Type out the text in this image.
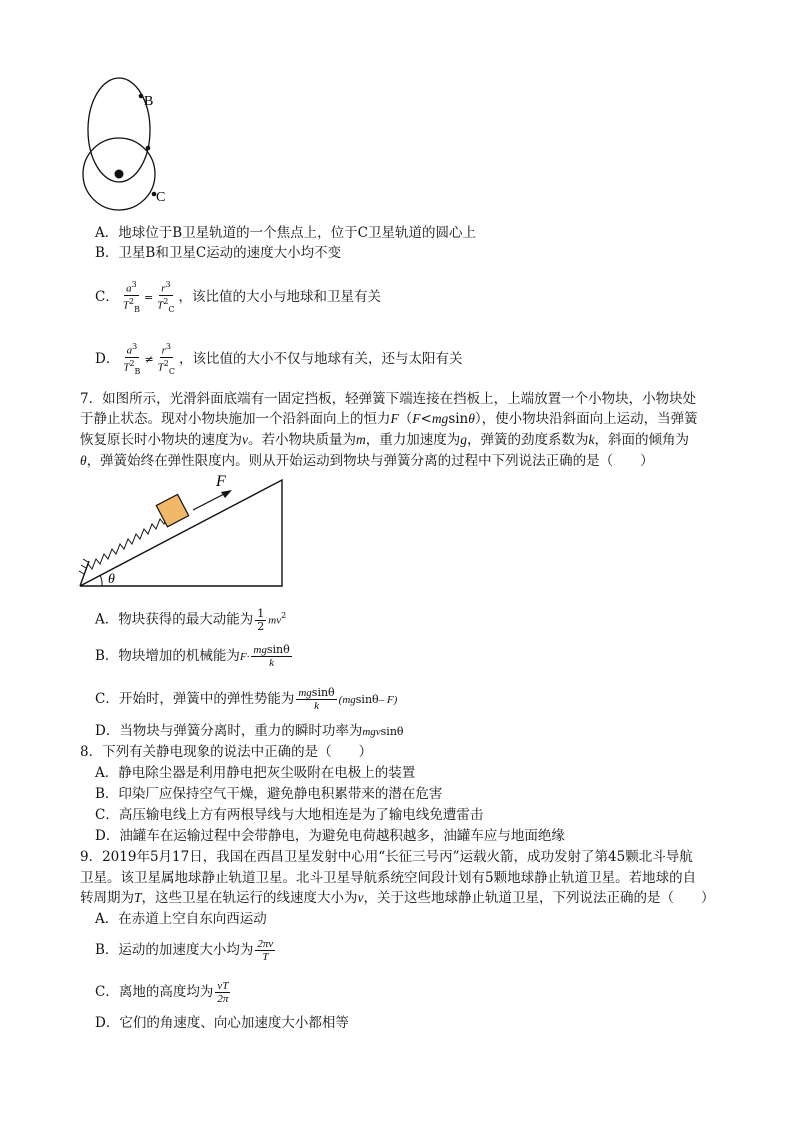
B
C
A．地球位于B卫星轨道的一个焦点上，位于C卫星轨道的圆心上
B．卫星B和卫星C运动的速度大小均不变
C． $\frac{a^3}{T^2_B} = \frac{r^3}{T^2_C}$ ，该比值的大小与地球和卫星有关
D． $\frac{a^3}{T^2_B} \ne \frac{r^3}{T^2_C}$ ，该比值的大小不仅与地球有关，还与太阳有关
7．如图所示，光滑斜面底端有一固定挡板，轻弹簧下端连接在挡板上，上端放置一个小物块，小物块处
于静止状态。现对小物块施加一个沿斜面向上的恒力F（F<mgsinθ），使小物块沿斜面向上运动，当弹簧
恢复原长时小物块的速度为v。若小物块质量为m，重力加速度为g，弹簧的劲度系数为k，斜面的倾角为
θ，弹簧始终在弹性限度内。则从开始运动到物块与弹簧分离的过程中下列说法正确的是（　　）
F
θ
A．物块获得的最大动能为 $\frac{1}{2} mv^2$
B．物块增加的机械能为$F\cdot \frac{mgsin\theta}{k}$
C．开始时，弹簧中的弹性势能为 $\frac{mgsin\theta}{k} (mgsin\theta-$ F)
D．当物块与弹簧分离时，重力的瞬时功率为mgvsinθ
8．下列有关静电现象的说法中正确的是（　　）
A．静电除尘器是利用静电把灰尘吸附在电极上的装置
B．印染厂应保持空气干燥，避免静电积累带来的潜在危害
C．高压输电线上方有两根导线与大地相连是为了输电线免遭雷击
D．油罐车在运输过程中会带静电，为避免电荷越积越多，油罐车应与地面绝缘
9．2019年5月17日，我国在西昌卫星发射中心用“长征三号丙”运载火箭，成功发射了第45颗北斗导航
卫星。该卫星属地球静止轨道卫星。北斗卫星导航系统空间段计划有5颗地球静止轨道卫星。若地球的自
转周期为T，这些卫星在轨运行的线速度大小为v，关于这些地球静止轨道卫星，下列说法正确的是（　　）
A．在赤道上空自东向西运动
B．运动的加速度大小均为 $\frac{2\pi v}{T}$
C．离地的高度均为 $\frac{vT}{2\pi}$
D．它们的角速度、向心加速度大小都相等
